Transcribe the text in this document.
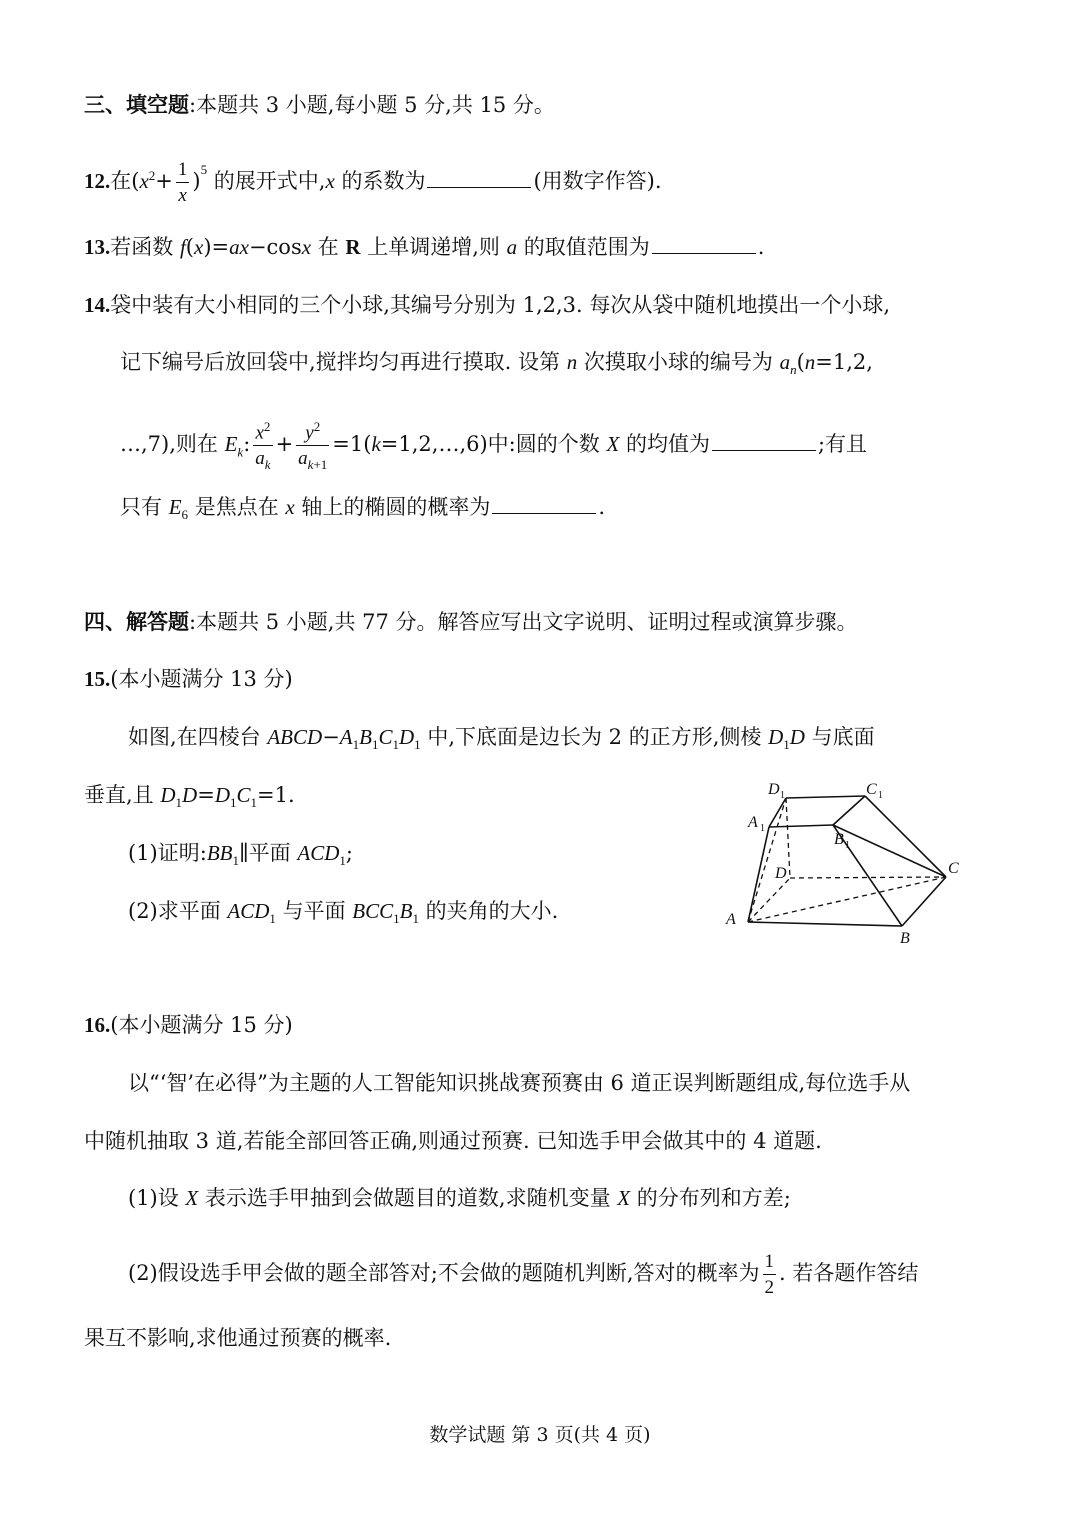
三、填空题:本题共 3 小题,每小题 5 分,共 15 分。
12.在$(x^2+ \frac{1}{x} )^5$ 的展开式中,x 的系数为	(用数字作答).
13.若函数 f(x)=ax−cosx 在 R 上单调递增,则 a 的取值范围为	.
14.袋中装有大小相同的三个小球,其编号分别为 1,2,3. 每次从袋中随机地摸出一个小球,
记下编号后放回袋中,搅拌均匀再进行摸取. 设第 n 次摸取小球的编号为 $a_n(n=1,2$,
…,7),则在 $E_k$: $\frac{x^2}{a_k} + \frac{y^2}{a_{k+1}}$ =1(k=1,2,…,6)中:圆的个数 X 的均值为	;有且
只有 $E_6$ 是焦点在 x 轴上的椭圆的概率为	.
四、解答题:本题共 5 小题,共 77 分。解答应写出文字说明、证明过程或演算步骤。
15.(本小题满分 13 分)
如图,在四棱台 $ABCD-A_1B_1C_1D_1$ 中,下底面是边长为 2 的正方形,侧棱 $D_1D$ 与底面
垂直,且 $D_1D=D_1C_1=1$.
(1)证明$:BB_1\parallel$平面 $ACD_1$;
(2)求平面 $ACD_1$ 与平面 $BCC_1B_1$ 的夹角的大小.
D 1	C 1
A 1
B 1
D	C
A
B
16.(本小题满分 15 分)
以“‘智’在必得”为主题的人工智能知识挑战赛预赛由 6 道正误判断题组成,每位选手从
中随机抽取 3 道,若能全部回答正确,则通过预赛. 已知选手甲会做其中的 4 道题.
(1)设 X 表示选手甲抽到会做题目的道数,求随机变量 X 的分布列和方差;
(2)假设选手甲会做的题全部答对;不会做的题随机判断,答对的概率为 $\frac{1}{2}$ . 若各题作答结
果互不影响,求他通过预赛的概率.
数学试题 第 3 页(共 4 页)
